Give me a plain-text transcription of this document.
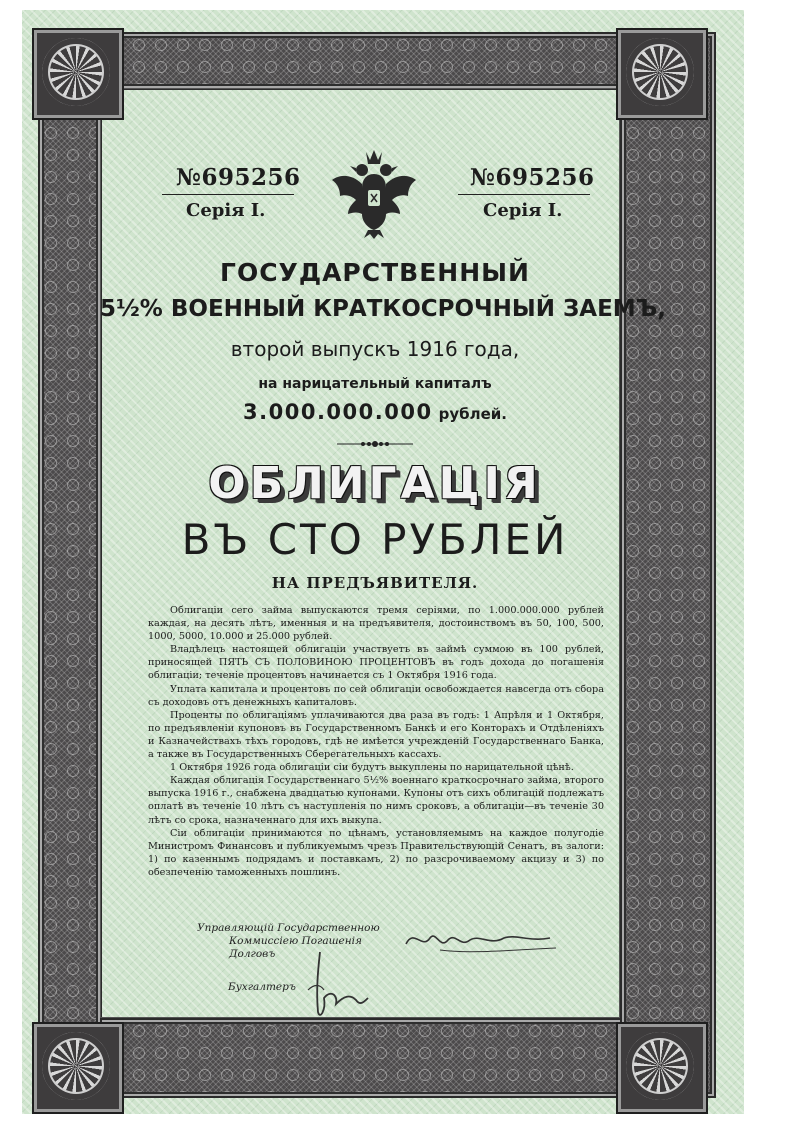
№695256	№695256
Серія I.	Серія I.
ГОСУДАРСТВЕННЫЙ
5½% ВОЕННЫЙ КРАТКОСРОЧНЫЙ ЗАЕМЪ,
второй выпускъ 1916 года,
на нарицательный капиталъ
3.000.000.000 рублей.
ОБЛИГАЦІЯ
ВЪ СТО РУБЛЕЙ
НА ПРЕДЪЯВИТЕЛЯ.

Облигаціи сего займа выпускаются тремя серіями, по 1.000.000.000 рублей каждая, на десять лѣтъ, именныя и на предъявителя, достоинствомъ въ 50, 100, 500, 1000, 5000, 10.000 и 25.000 рублей.

Владѣлецъ настоящей облигаціи участвуетъ въ займѣ суммою въ 100 рублей, приносящей ПЯТЬ СЪ ПОЛОВИНОЮ ПРОЦЕНТОВЪ въ годъ дохода до погашенія облигаціи; теченіе процентовъ начинается съ 1 Октября 1916 года.

Уплата капитала и процентовъ по сей облигаціи освобождается навсегда отъ сбора съ доходовъ отъ денежныхъ капиталовъ.

Проценты по облигаціямъ уплачиваются два раза въ годъ: 1 Апрѣля и 1 Октября, по предъявленіи купоновъ въ Государственномъ Банкѣ и его Конторахъ и Отдѣленіяхъ и Казначействахъ тѣхъ городовъ, гдѣ не имѣется учрежденій Государственнаго Банка, а также въ Государственныхъ Сберегательныхъ кассахъ.

1 Октября 1926 года облигаціи сіи будутъ выкуплены по нарицательной цѣнѣ.

Каждая облигація Государственнаго 5½% военнаго краткосрочнаго займа, второго выпуска 1916 г., снабжена двадцатью купонами. Купоны отъ сихъ облигацій подлежатъ оплатѣ въ теченіе 10 лѣтъ съ наступленія по нимъ сроковъ, а облигаціи—въ теченіе 30 лѣтъ со срока, назначеннаго для ихъ выкупа.

Сіи облигаціи принимаются по цѣнамъ, установляемымъ на каждое полугодіе Министромъ Финансовъ и публикуемымъ чрезъ Правительствующій Сенатъ, въ залоги: 1) по казеннымъ подрядамъ и поставкамъ, 2) по разсрочиваемому акцизу и 3) по обезпеченію таможенныхъ пошлинъ.

Управляющій Государственною
Коммиссіею Погашенія Долговъ
Бухгалтеръ
